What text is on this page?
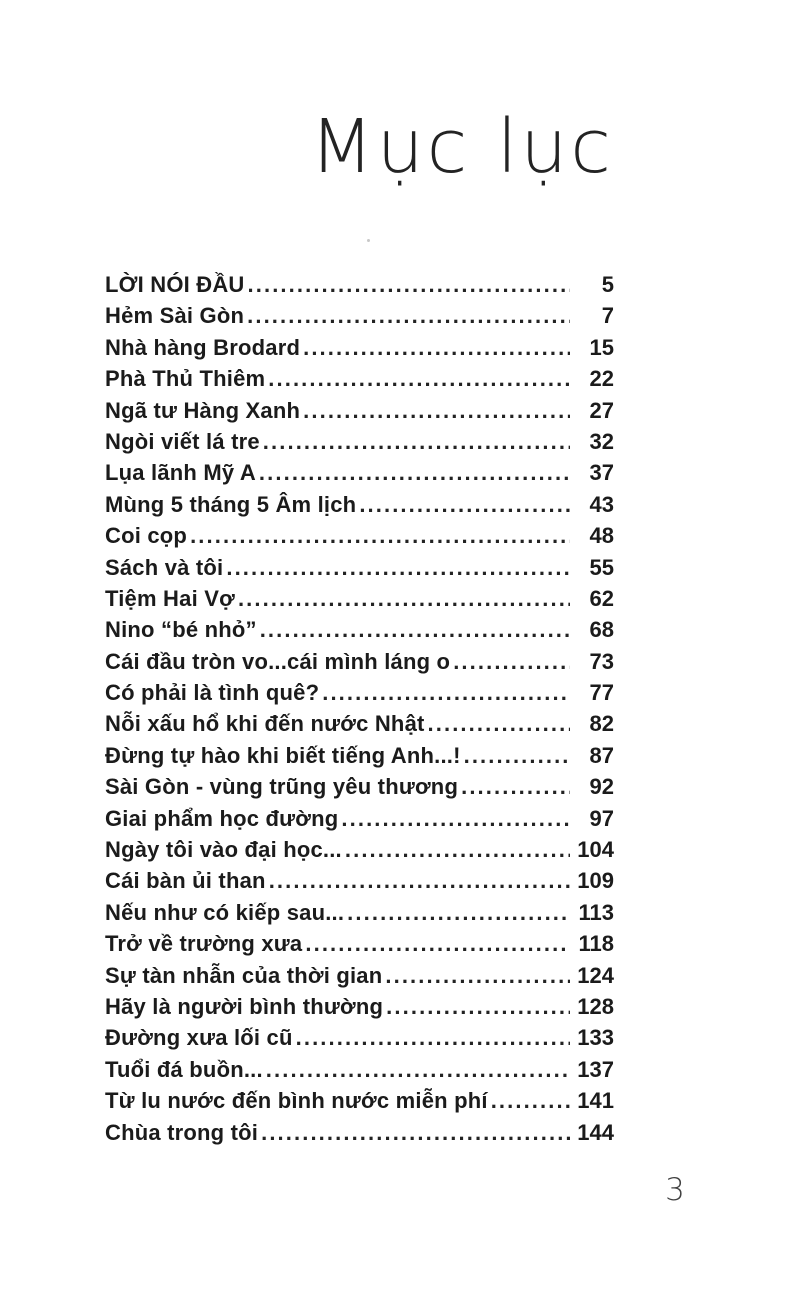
Mục lục
LỜI NÓI ĐẦU . . .	5
Hẻm Sài Gòn . . .	7
Nhà hàng Brodard . . .	15
Phà Thủ Thiêm . . .	22
Ngã tư Hàng Xanh . . .	27
Ngòi viết lá tre . . .	32
Lụa lãnh Mỹ A . . .	37
Mùng 5 tháng 5 Âm lịch . . .	43
Coi cọp . . .	48
Sách và tôi . . .	55
Tiệm Hai Vợ . . .	62
Nino “bé nhỏ” . . .	68
Cái đầu tròn vo...cái mình láng o . . .	73
Có phải là tình quê? . . .	77
Nỗi xấu hổ khi đến nước Nhật . . .	82
Đừng tự hào khi biết tiếng Anh...! . . .	87
Sài Gòn - vùng trũng yêu thương . . .	92
Giai phẩm học đường . . .	97
Ngày tôi vào đại học... . . .	104
Cái bàn ủi than . . .	109
Nếu như có kiếp sau... . . .	113
Trở về trường xưa . . .	118
Sự tàn nhẫn của thời gian . . .	124
Hãy là người bình thường . . .	128
Đường xưa lối cũ . . .	133
Tuổi đá buồn... . . .	137
Từ lu nước đến bình nước miễn phí . . .	141
Chùa trong tôi . . .	144
3
